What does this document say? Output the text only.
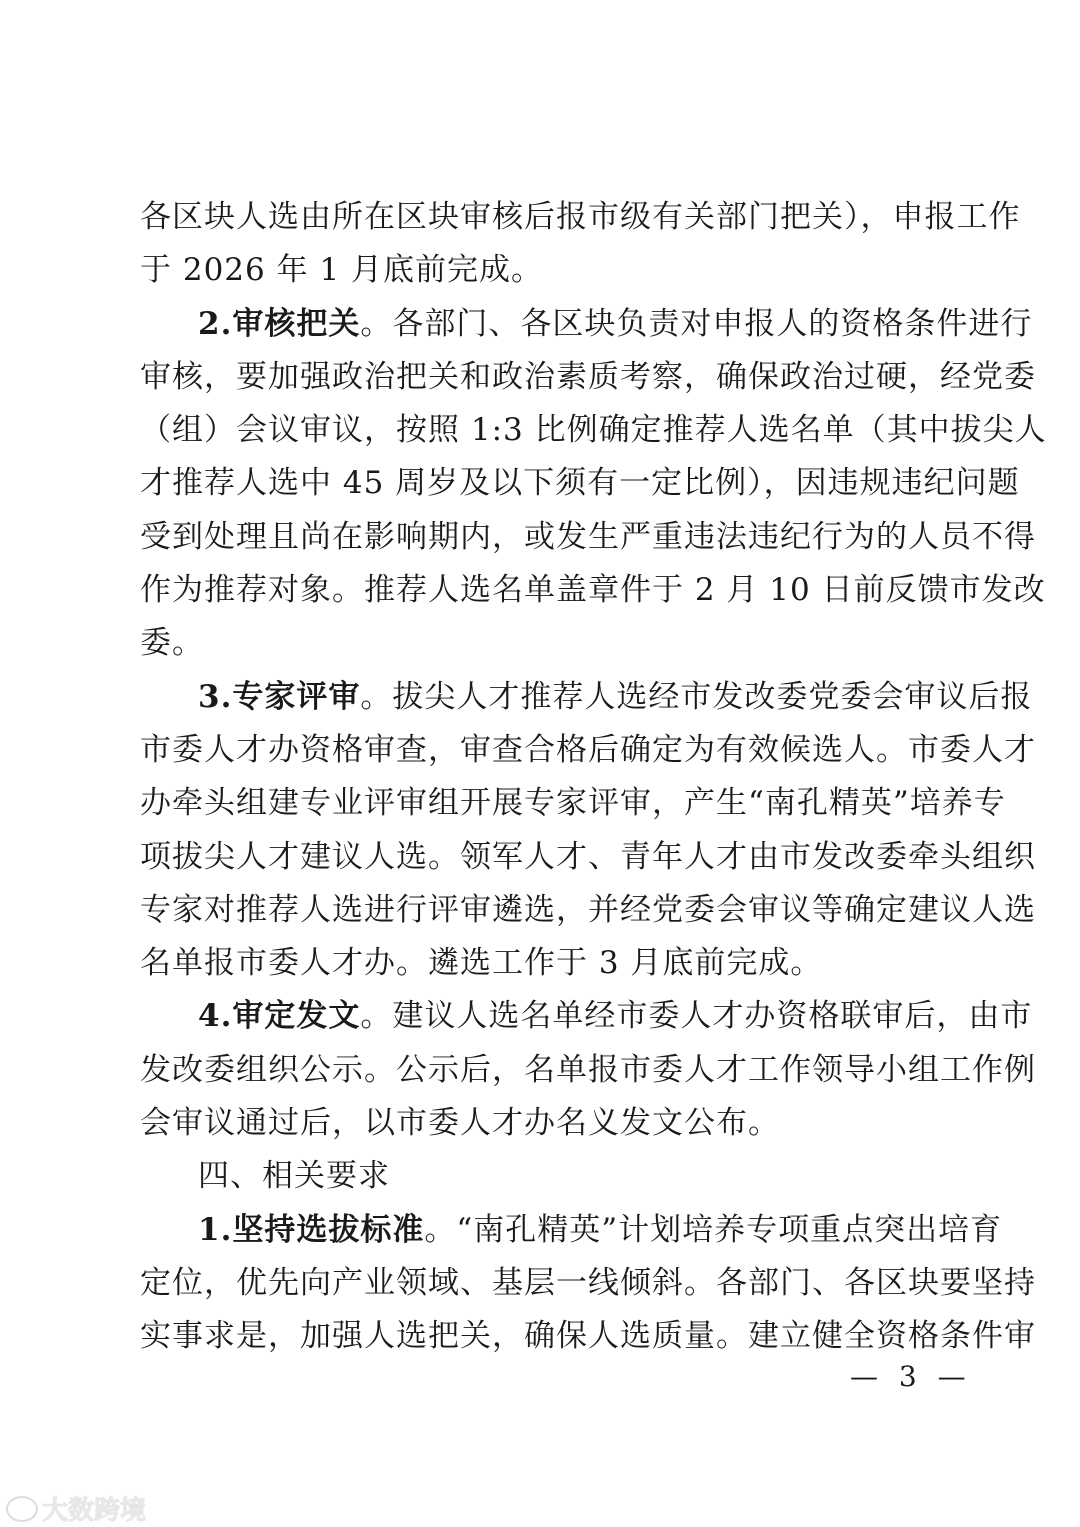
各区块人选由所在区块审核后报市级有关部门把关），申报工作
于 2026 年 1 月底前完成。
2.审核把关。各部门、各区块负责对申报人的资格条件进行
审核，要加强政治把关和政治素质考察，确保政治过硬，经党委
（组）会议审议，按照 1:3 比例确定推荐人选名单（其中拔尖人
才推荐人选中 45 周岁及以下须有一定比例），因违规违纪问题
受到处理且尚在影响期内，或发生严重违法违纪行为的人员不得
作为推荐对象。推荐人选名单盖章件于 2 月 10 日前反馈市发改
委。
3.专家评审。拔尖人才推荐人选经市发改委党委会审议后报
市委人才办资格审查，审查合格后确定为有效候选人。市委人才
办牵头组建专业评审组开展专家评审，产生“南孔精英”培养专
项拔尖人才建议人选。领军人才、青年人才由市发改委牵头组织
专家对推荐人选进行评审遴选，并经党委会审议等确定建议人选
名单报市委人才办。遴选工作于 3 月底前完成。
4.审定发文。建议人选名单经市委人才办资格联审后，由市
发改委组织公示。公示后，名单报市委人才工作领导小组工作例
会审议通过后，以市委人才办名义发文公布。
四、相关要求
1.坚持选拔标准。“南孔精英”计划培养专项重点突出培育
定位，优先向产业领域、基层一线倾斜。各部门、各区块要坚持
实事求是，加强人选把关，确保人选质量。建立健全资格条件审
— 3 —
大数跨境
